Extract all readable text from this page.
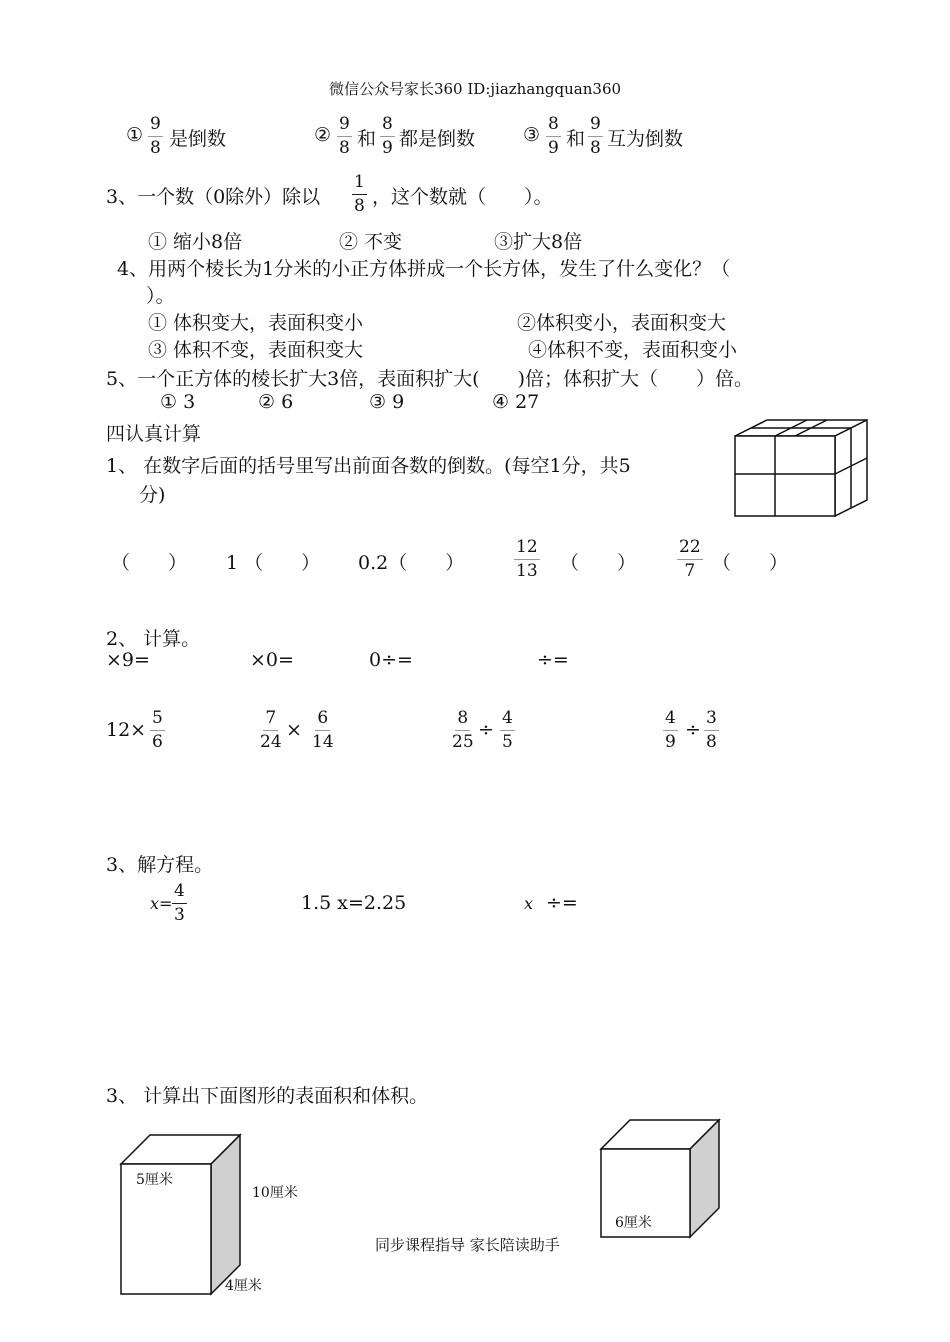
微信公众号家长360 ID:jiazhangquan360
① $\frac{9}{8}$ 是倒数	② $\frac{9}{8}$ 和 $\frac{8}{9}$ 都是倒数	③ $\frac{8}{9}$ 和 $\frac{9}{8}$ 互为倒数
3、一个数（0除外）除以 $\frac{1}{8}$ ，这个数就（　　）。
① 缩小8倍	② 不变	③扩大8倍
4、用两个棱长为1分米的小正方体拼成一个长方体，发生了什么变化？（
）。
① 体积变大，表面积变小	②体积变小，表面积变大
③ 体积不变，表面积变大	④体积不变，表面积变小
5、一个正方体的棱长扩大3倍，表面积扩大(　　)倍；体积扩大（　　）倍。
① 3	② 6	③ 9	④ 27
四认真计算
1、 在数字后面的括号里写出前面各数的倒数。(每空1分，共5
分)
（　　） 1 （　　） 0.2（　　）	$\frac{12}{13}$ （　　） $\frac{22}{7}$ （　　）
2、 计算。
×9=	×0=	0÷=	÷=
$12\times \frac{5}{6}$	$\frac{7}{24} \times \frac{6}{14}$	$\frac{8}{25} \div \frac{4}{5}$	$\frac{4}{9} \div \frac{3}{8}$
3、解方程。
$x= \frac{4}{3}$	1.5 x=2.25	x ÷=
3、 计算出下面图形的表面积和体积。
5厘米
10厘米
4厘米
6厘米
同步课程指导 家长陪读助手
